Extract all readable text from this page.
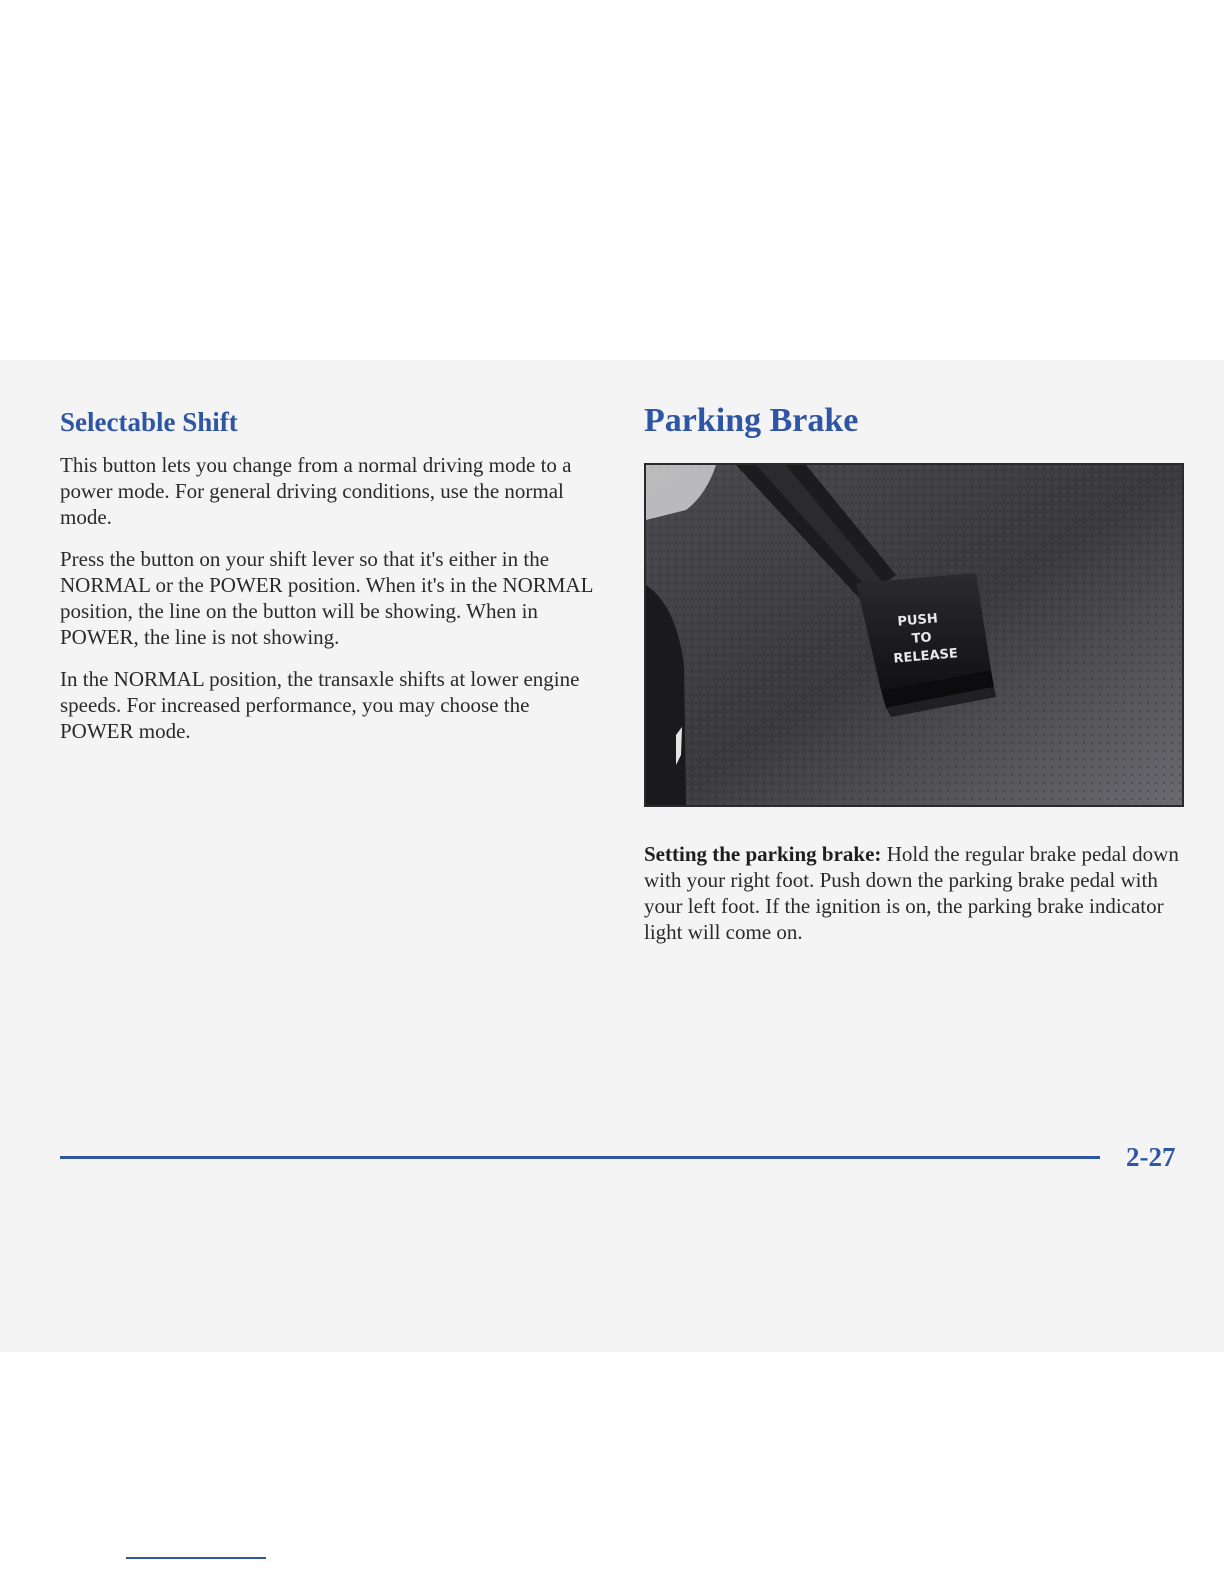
Selectable Shift

This button lets you change from a normal driving mode to a power mode. For general driving conditions, use the normal mode.

Press the button on your shift lever so that it's either in the NORMAL or the POWER position. When it's in the NORMAL position, the line on the button will be showing. When in POWER, the line is not showing.

In the NORMAL position, the transaxle shifts at lower engine speeds. For increased performance, you may choose the POWER mode.

Parking Brake
PUSH
TO
RELEASE

Setting the parking brake: Hold the regular brake pedal down with your right foot. Push down the parking brake pedal with your left foot. If the ignition is on, the parking brake indicator light will come on.

2-27
